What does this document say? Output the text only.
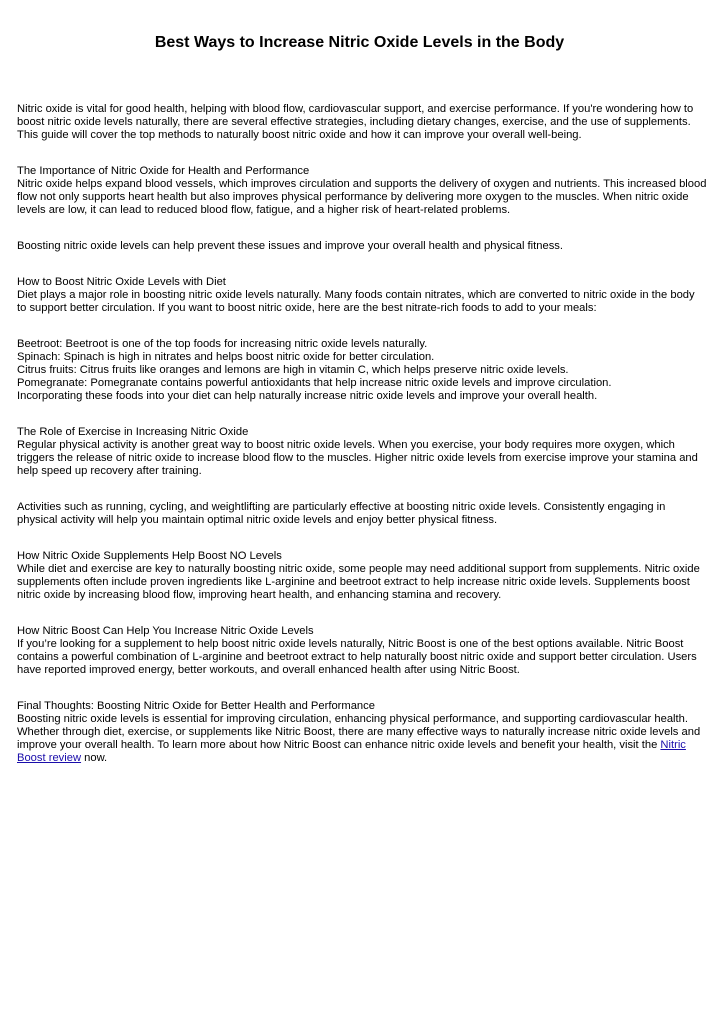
Best Ways to Increase Nitric Oxide Levels in the Body

Nitric oxide is vital for good health, helping with blood flow, cardiovascular support, and exercise performance. If you're wondering how to boost nitric oxide levels naturally, there are several effective strategies, including dietary changes, exercise, and the use of supplements. This guide will cover the top methods to naturally boost nitric oxide and how it can improve your overall well-being.

The Importance of Nitric Oxide for Health and Performance

Nitric oxide helps expand blood vessels, which improves circulation and supports the delivery of oxygen and nutrients. This increased blood flow not only supports heart health but also improves physical performance by delivering more oxygen to the muscles. When nitric oxide levels are low, it can lead to reduced blood flow, fatigue, and a higher risk of heart-related problems.

Boosting nitric oxide levels can help prevent these issues and improve your overall health and physical fitness.

How to Boost Nitric Oxide Levels with Diet

Diet plays a major role in boosting nitric oxide levels naturally. Many foods contain nitrates, which are converted to nitric oxide in the body to support better circulation. If you want to boost nitric oxide, here are the best nitrate-rich foods to add to your meals:

Beetroot: Beetroot is one of the top foods for increasing nitric oxide levels naturally.

Spinach: Spinach is high in nitrates and helps boost nitric oxide for better circulation.

Citrus fruits: Citrus fruits like oranges and lemons are high in vitamin C, which helps preserve nitric oxide levels.

Pomegranate: Pomegranate contains powerful antioxidants that help increase nitric oxide levels and improve circulation.

Incorporating these foods into your diet can help naturally increase nitric oxide levels and improve your overall health.

The Role of Exercise in Increasing Nitric Oxide

Regular physical activity is another great way to boost nitric oxide levels. When you exercise, your body requires more oxygen, which triggers the release of nitric oxide to increase blood flow to the muscles. Higher nitric oxide levels from exercise improve your stamina and help speed up recovery after training.

Activities such as running, cycling, and weightlifting are particularly effective at boosting nitric oxide levels. Consistently engaging in physical activity will help you maintain optimal nitric oxide levels and enjoy better physical fitness.

How Nitric Oxide Supplements Help Boost NO Levels

While diet and exercise are key to naturally boosting nitric oxide, some people may need additional support from supplements. Nitric oxide supplements often include proven ingredients like L-arginine and beetroot extract to help increase nitric oxide levels. Supplements boost nitric oxide by increasing blood flow, improving heart health, and enhancing stamina and recovery.

How Nitric Boost Can Help You Increase Nitric Oxide Levels

If you’re looking for a supplement to help boost nitric oxide levels naturally, Nitric Boost is one of the best options available. Nitric Boost contains a powerful combination of L-arginine and beetroot extract to help naturally boost nitric oxide and support better circulation. Users have reported improved energy, better workouts, and overall enhanced health after using Nitric Boost.

Final Thoughts: Boosting Nitric Oxide for Better Health and Performance

Boosting nitric oxide levels is essential for improving circulation, enhancing physical performance, and supporting cardiovascular health. Whether through diet, exercise, or supplements like Nitric Boost, there are many effective ways to naturally increase nitric oxide levels and improve your overall health. To learn more about how Nitric Boost can enhance nitric oxide levels and benefit your health, visit the Nitric Boost review now.
